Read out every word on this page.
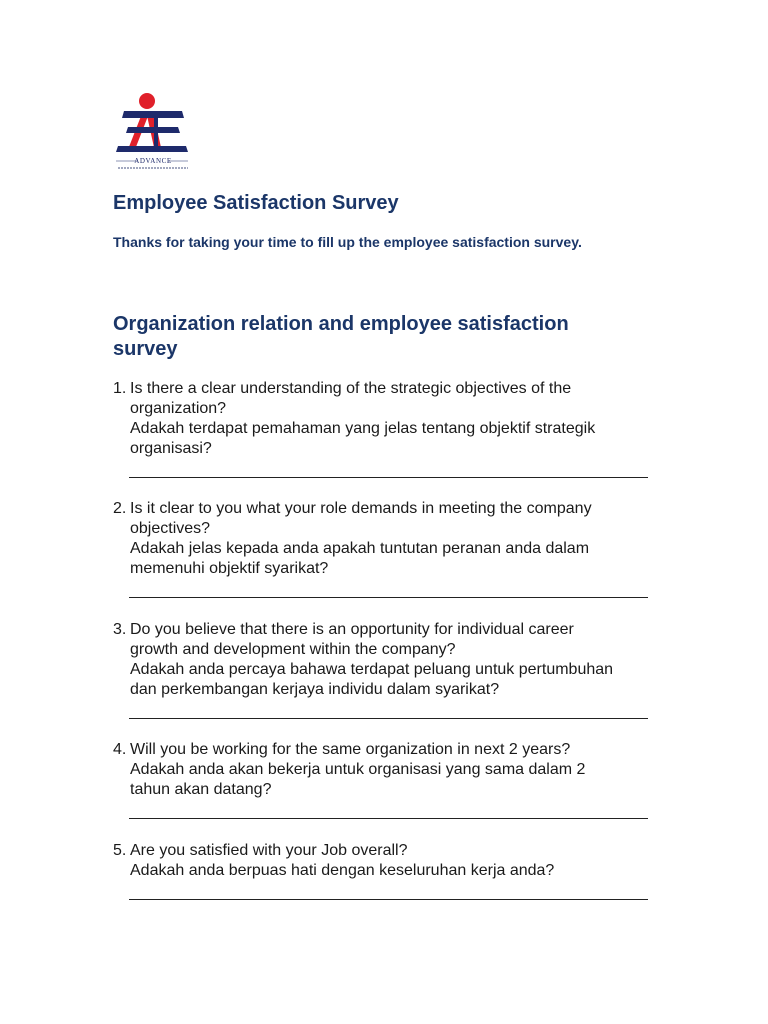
ADVANCE
Employee Satisfaction Survey

Thanks for taking your time to fill up the employee satisfaction survey.

Organization relation and employee satisfaction
survey
1. Is there a clear understanding of the strategic objectives of the
organization?
Adakah terdapat pemahaman yang jelas tentang objektif strategik
organisasi?
2. Is it clear to you what your role demands in meeting the company
objectives?
Adakah jelas kepada anda apakah tuntutan peranan anda dalam
memenuhi objektif syarikat?
3. Do you believe that there is an opportunity for individual career
growth and development within the company?
Adakah anda percaya bahawa terdapat peluang untuk pertumbuhan
dan perkembangan kerjaya individu dalam syarikat?
4. Will you be working for the same organization in next 2 years?
Adakah anda akan bekerja untuk organisasi yang sama dalam 2
tahun akan datang?
5. Are you satisfied with your Job overall?
Adakah anda berpuas hati dengan keseluruhan kerja anda?
